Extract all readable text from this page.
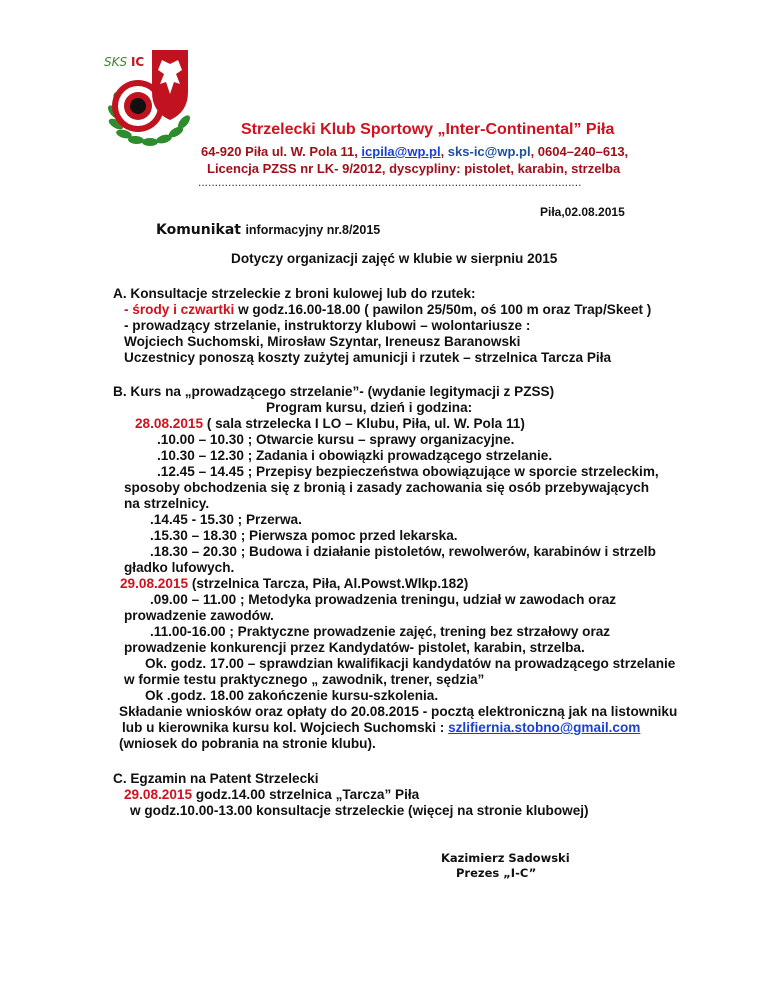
SKS IC
Strzelecki Klub Sportowy „Inter-Continental” Piła
64-920 Piła ul. W. Pola 11, icpila@wp.pl, sks-ic@wp.pl, 0604–240–613,
Licencja PZSS nr LK- 9/2012, dyscypliny: pistolet, karabin, strzelba
...................................................................................................................
Piła,02.08.2015
Komunikat informacyjny nr.8/2015
Dotyczy organizacji zajęć w klubie w sierpniu 2015
A. Konsultacje strzeleckie z broni kulowej lub do rzutek:
- środy i czwartki w godz.16.00-18.00 ( pawilon 25/50m, oś 100 m oraz Trap/Skeet )
- prowadzący strzelanie, instruktorzy klubowi – wolontariusze :
Wojciech Suchomski, Mirosław Szyntar, Ireneusz Baranowski
Uczestnicy ponoszą koszty zużytej amunicji i rzutek – strzelnica Tarcza Piła
B. Kurs na „prowadzącego strzelanie”- (wydanie legitymacji z PZSS)
Program kursu, dzień i godzina:
28.08.2015 ( sala strzelecka I LO – Klubu, Piła, ul. W. Pola 11)
.10.00 – 10.30 ; Otwarcie kursu – sprawy organizacyjne.
.10.30 – 12.30 ; Zadania i obowiązki prowadzącego strzelanie.
.12.45 – 14.45 ; Przepisy bezpieczeństwa obowiązujące w sporcie strzeleckim,
sposoby obchodzenia się z bronią i zasady zachowania się osób przebywających
na strzelnicy.
.14.45 - 15.30 ; Przerwa.
.15.30 – 18.30 ; Pierwsza pomoc przed lekarska.
.18.30 – 20.30 ; Budowa i działanie pistoletów, rewolwerów, karabinów i strzelb
gładko lufowych.
29.08.2015 (strzelnica Tarcza, Piła, Al.Powst.Wlkp.182)
.09.00 – 11.00 ; Metodyka prowadzenia treningu, udział w zawodach oraz
prowadzenie zawodów.
.11.00-16.00 ; Praktyczne prowadzenie zajęć, trening bez strzałowy oraz
prowadzenie konkurencji przez Kandydatów- pistolet, karabin, strzelba.
Ok. godz. 17.00 – sprawdzian kwalifikacji kandydatów na prowadzącego strzelanie
w formie testu praktycznego „ zawodnik, trener, sędzia”
Ok .godz. 18.00 zakończenie kursu-szkolenia.
Składanie wniosków oraz opłaty do 20.08.2015 - pocztą elektroniczną jak na listowniku
lub u kierownika kursu kol. Wojciech Suchomski : szlifiernia.stobno@gmail.com
(wniosek do pobrania na stronie klubu).
C. Egzamin na Patent Strzelecki
29.08.2015 godz.14.00 strzelnica „Tarcza” Piła
w godz.10.00-13.00 konsultacje strzeleckie (więcej na stronie klubowej)
Kazimierz Sadowski
Prezes „I-C”
